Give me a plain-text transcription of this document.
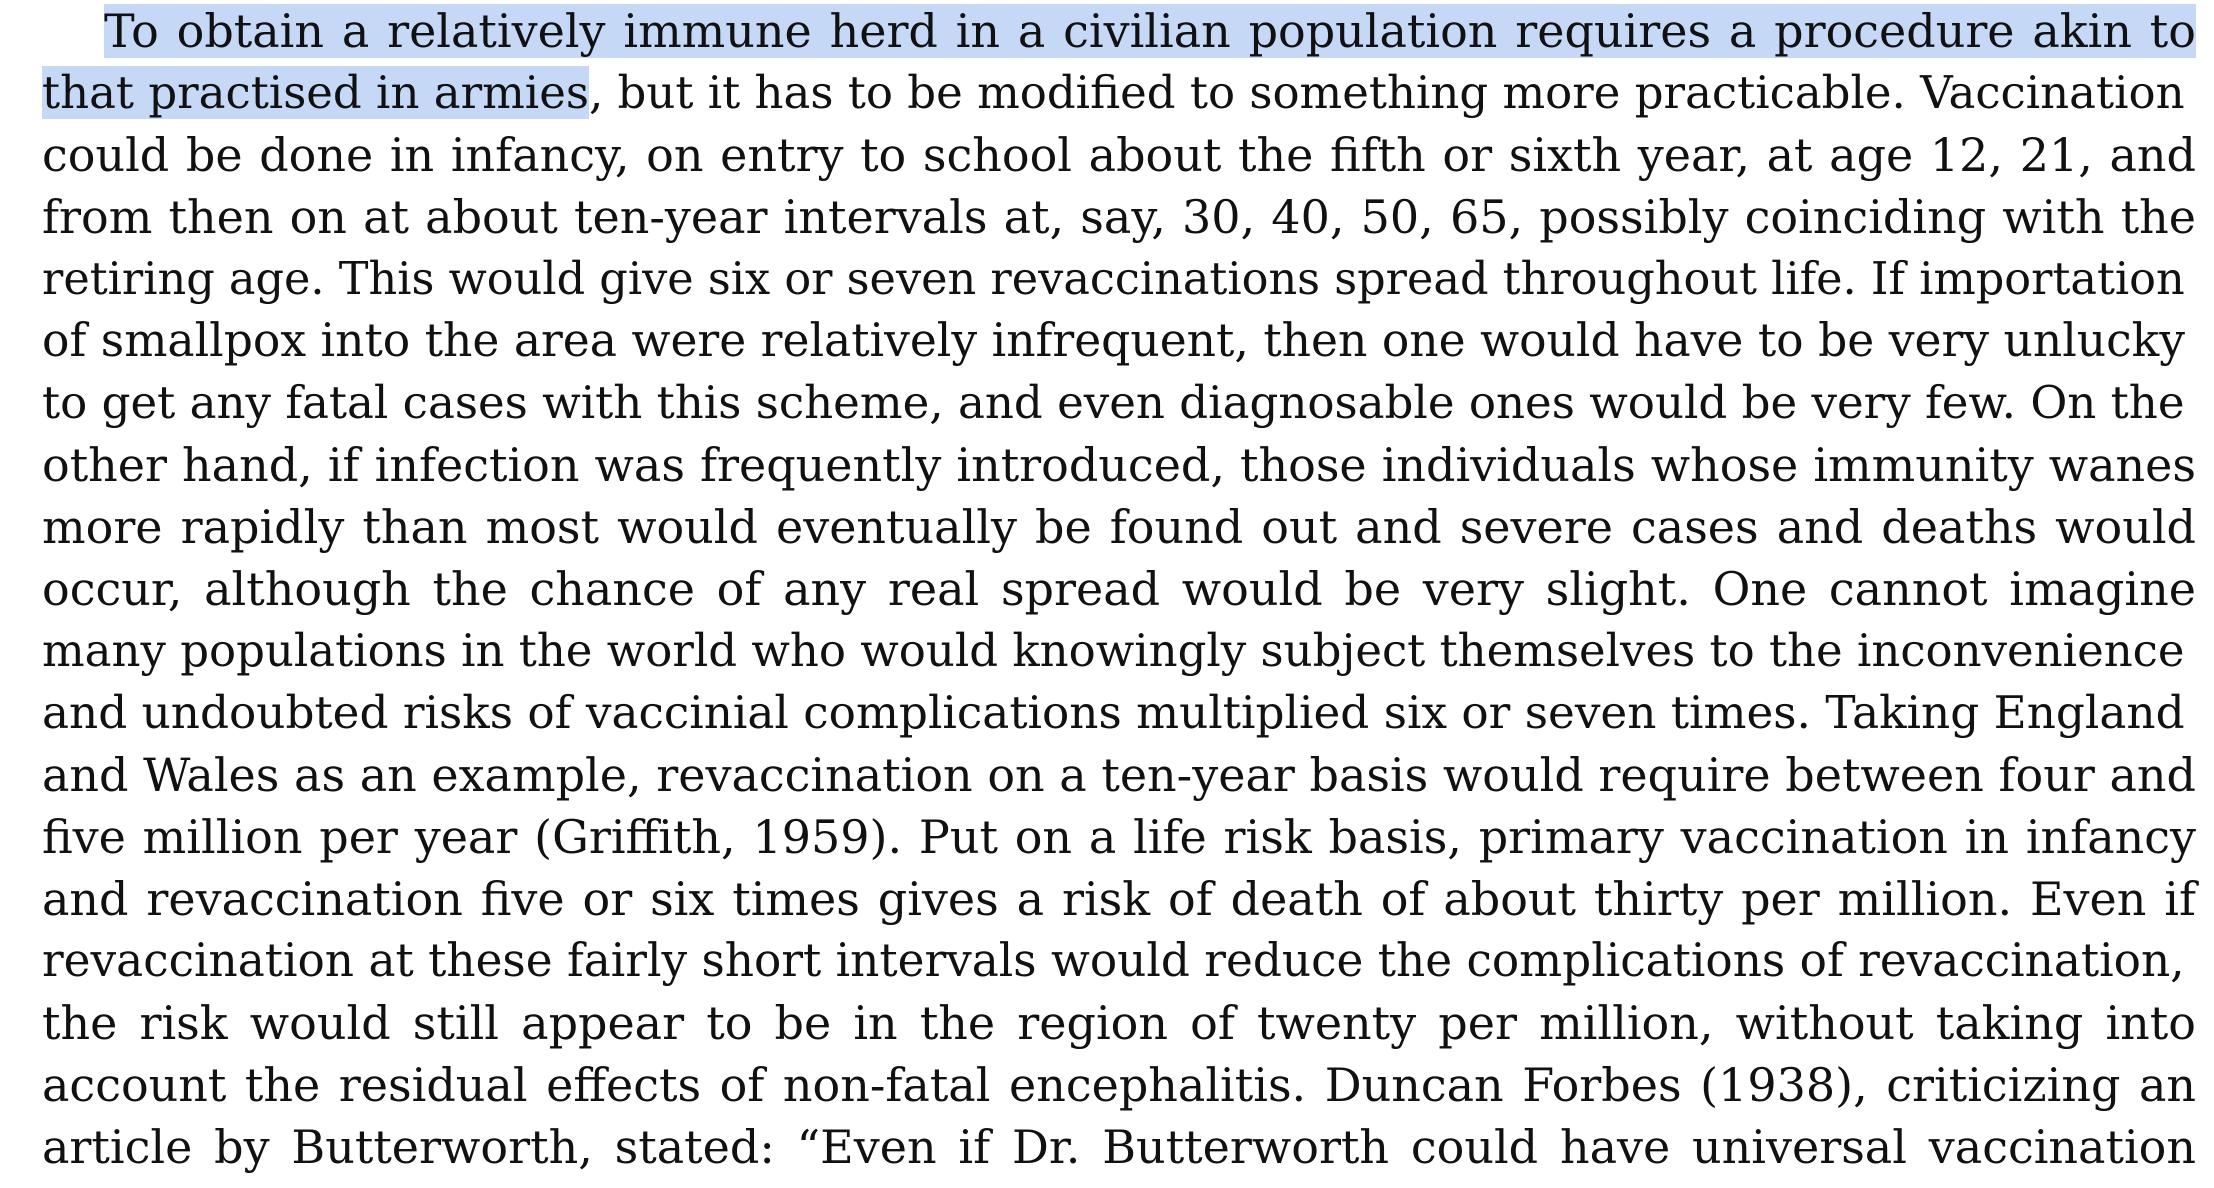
To obtain a relatively immune herd in a civilian population requires a procedure akin to
that practised in armies, but it has to be modified to something more practicable. Vaccination
could be done in infancy, on entry to school about the fifth or sixth year, at age 12, 21, and
from then on at about ten-year intervals at, say, 30, 40, 50, 65, possibly coinciding with the
retiring age. This would give six or seven revaccinations spread throughout life. If importation
of smallpox into the area were relatively infrequent, then one would have to be very unlucky
to get any fatal cases with this scheme, and even diagnosable ones would be very few. On the
other hand, if infection was frequently introduced, those individuals whose immunity wanes
more rapidly than most would eventually be found out and severe cases and deaths would
occur, although the chance of any real spread would be very slight. One cannot imagine
many populations in the world who would knowingly subject themselves to the inconvenience
and undoubted risks of vaccinial complications multiplied six or seven times. Taking England
and Wales as an example, revaccination on a ten-year basis would require between four and
five million per year (Griffith, 1959). Put on a life risk basis, primary vaccination in infancy
and revaccination five or six times gives a risk of death of about thirty per million. Even if
revaccination at these fairly short intervals would reduce the complications of revaccination,
the risk would still appear to be in the region of twenty per million, without taking into
account the residual effects of non-fatal encephalitis. Duncan Forbes (1938), criticizing an
article by Butterworth, stated: “Even if Dr. Butterworth could have universal vaccination
